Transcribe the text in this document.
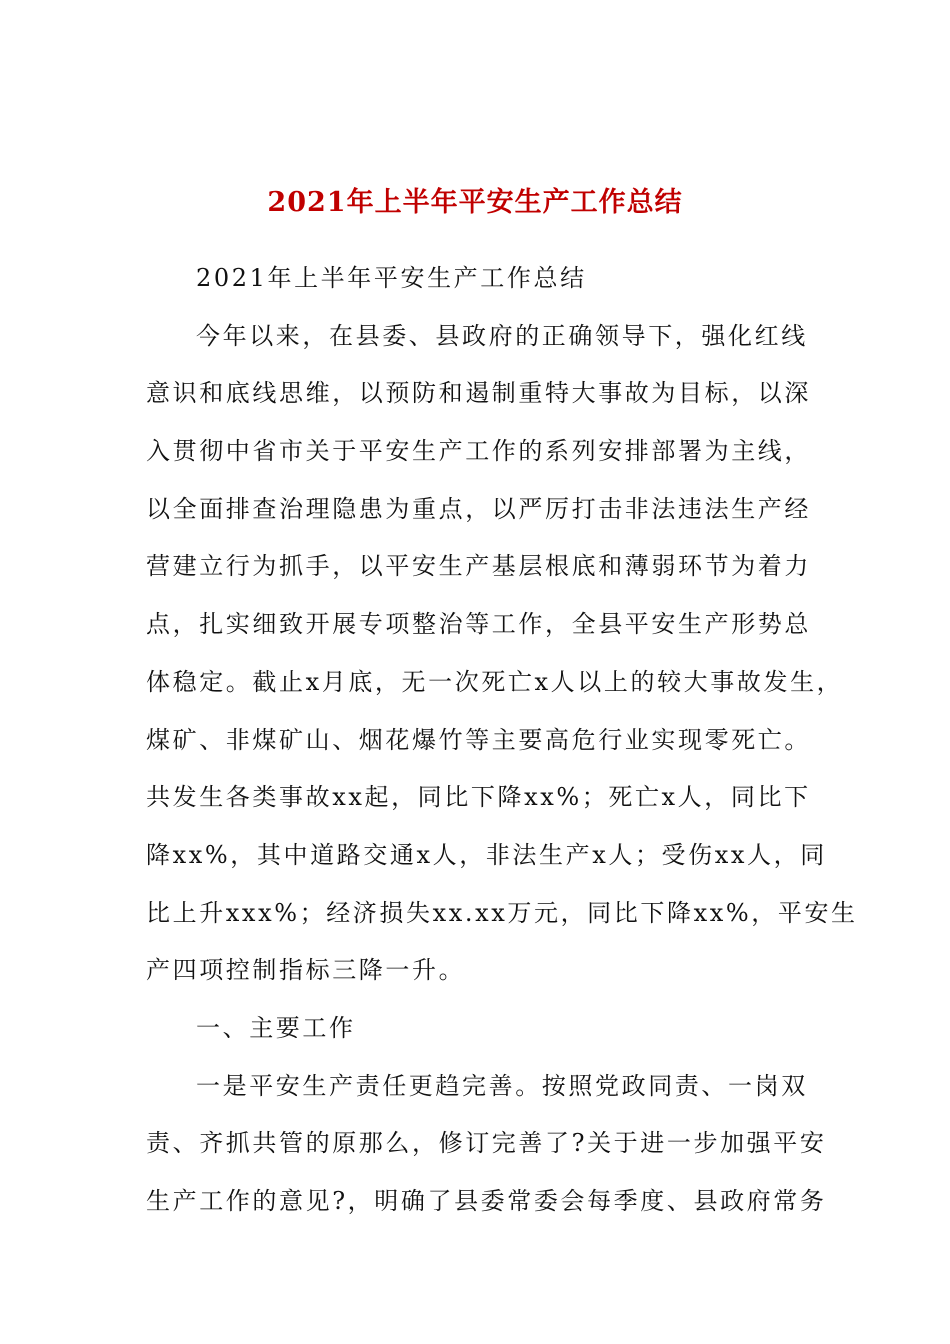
2021年上半年平安生产工作总结
2021年上半年平安生产工作总结
今年以来，在县委、县政府的正确领导下，强化红线
意识和底线思维，以预防和遏制重特大事故为目标，以深
入贯彻中省市关于平安生产工作的系列安排部署为主线，
以全面排查治理隐患为重点，以严厉打击非法违法生产经
营建立行为抓手，以平安生产基层根底和薄弱环节为着力
点，扎实细致开展专项整治等工作，全县平安生产形势总
体稳定。截止x月底，无一次死亡x人以上的较大事故发生，
煤矿、非煤矿山、烟花爆竹等主要高危行业实现零死亡。
共发生各类事故xx起，同比下降xx%；死亡x人，同比下
降xx%，其中道路交通x人，非法生产x人；受伤xx人，同
比上升xxx%；经济损失xx.xx万元，同比下降xx%，平安生
产四项控制指标三降一升。
一、主要工作
一是平安生产责任更趋完善。按照党政同责、一岗双
责、齐抓共管的原那么，修订完善了?关于进一步加强平安
生产工作的意见?，明确了县委常委会每季度、县政府常务
